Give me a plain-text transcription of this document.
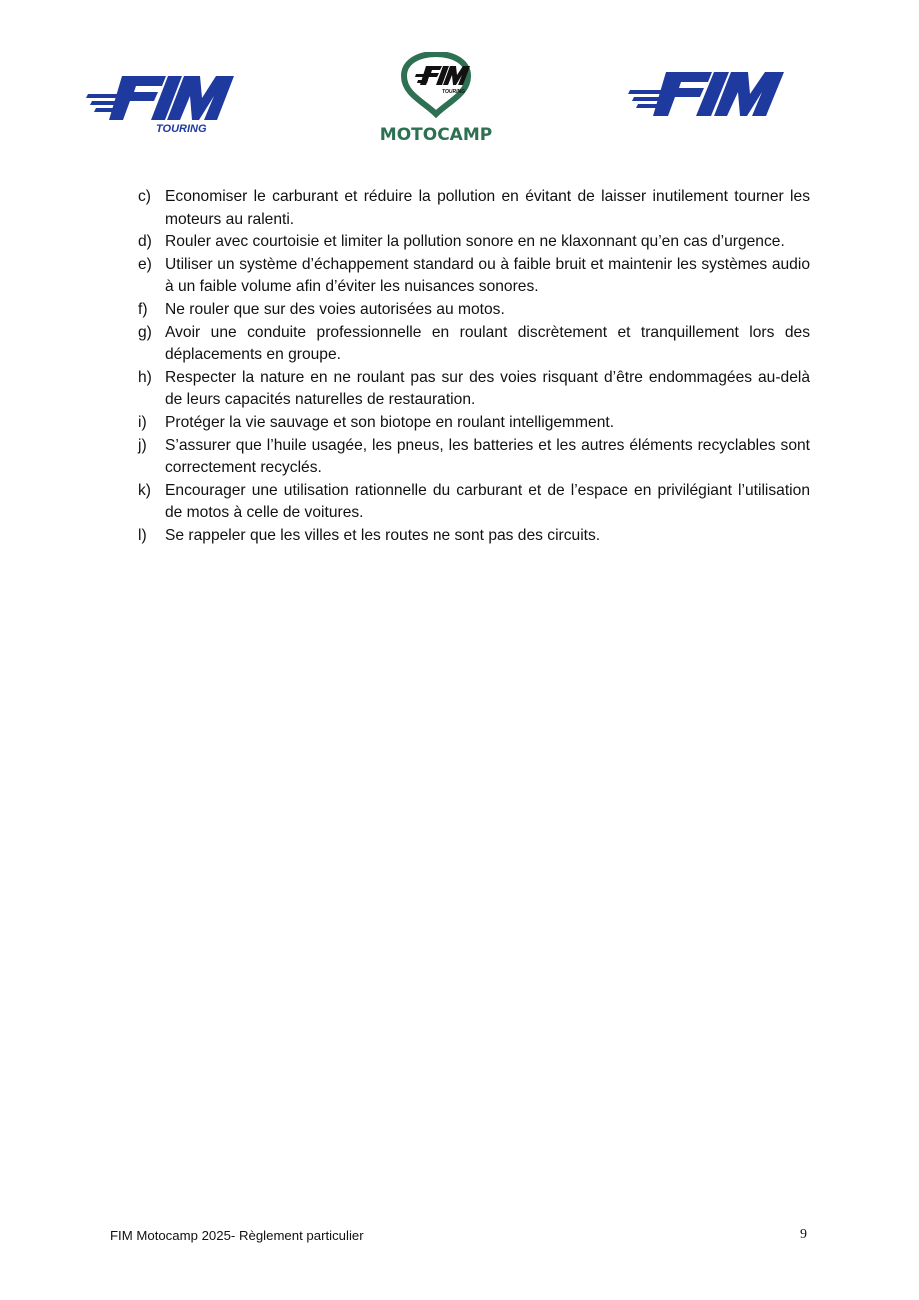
TOURING
TOURING
MOTOCAMP
c) Economiser le carburant et réduire la pollution en évitant de laisser inutilement tourner les moteurs au ralenti.
d) Rouler avec courtoisie et limiter la pollution sonore en ne klaxonnant qu’en cas d’urgence.
e) Utiliser un système d’échappement standard ou à faible bruit et maintenir les systèmes audio à un faible volume afin d’éviter les nuisances sonores.
f)	Ne rouler que sur des voies autorisées au motos.
g) Avoir une conduite professionnelle en roulant discrètement et tranquillement lors des déplacements en groupe.
h) Respecter la nature en ne roulant pas sur des voies risquant d’être endommagées au-delà de leurs capacités naturelles de restauration.
i)	Protéger la vie sauvage et son biotope en roulant intelligemment.
j)	S’assurer que l’huile usagée, les pneus, les batteries et les autres éléments recyclables sont correctement recyclés.
k) Encourager une utilisation rationnelle du carburant et de l’espace en privilégiant l’utilisation de motos à celle de voitures.
l)	Se rappeler que les villes et les routes ne sont pas des circuits.
FIM Motocamp 2025- Règlement particulier	9
